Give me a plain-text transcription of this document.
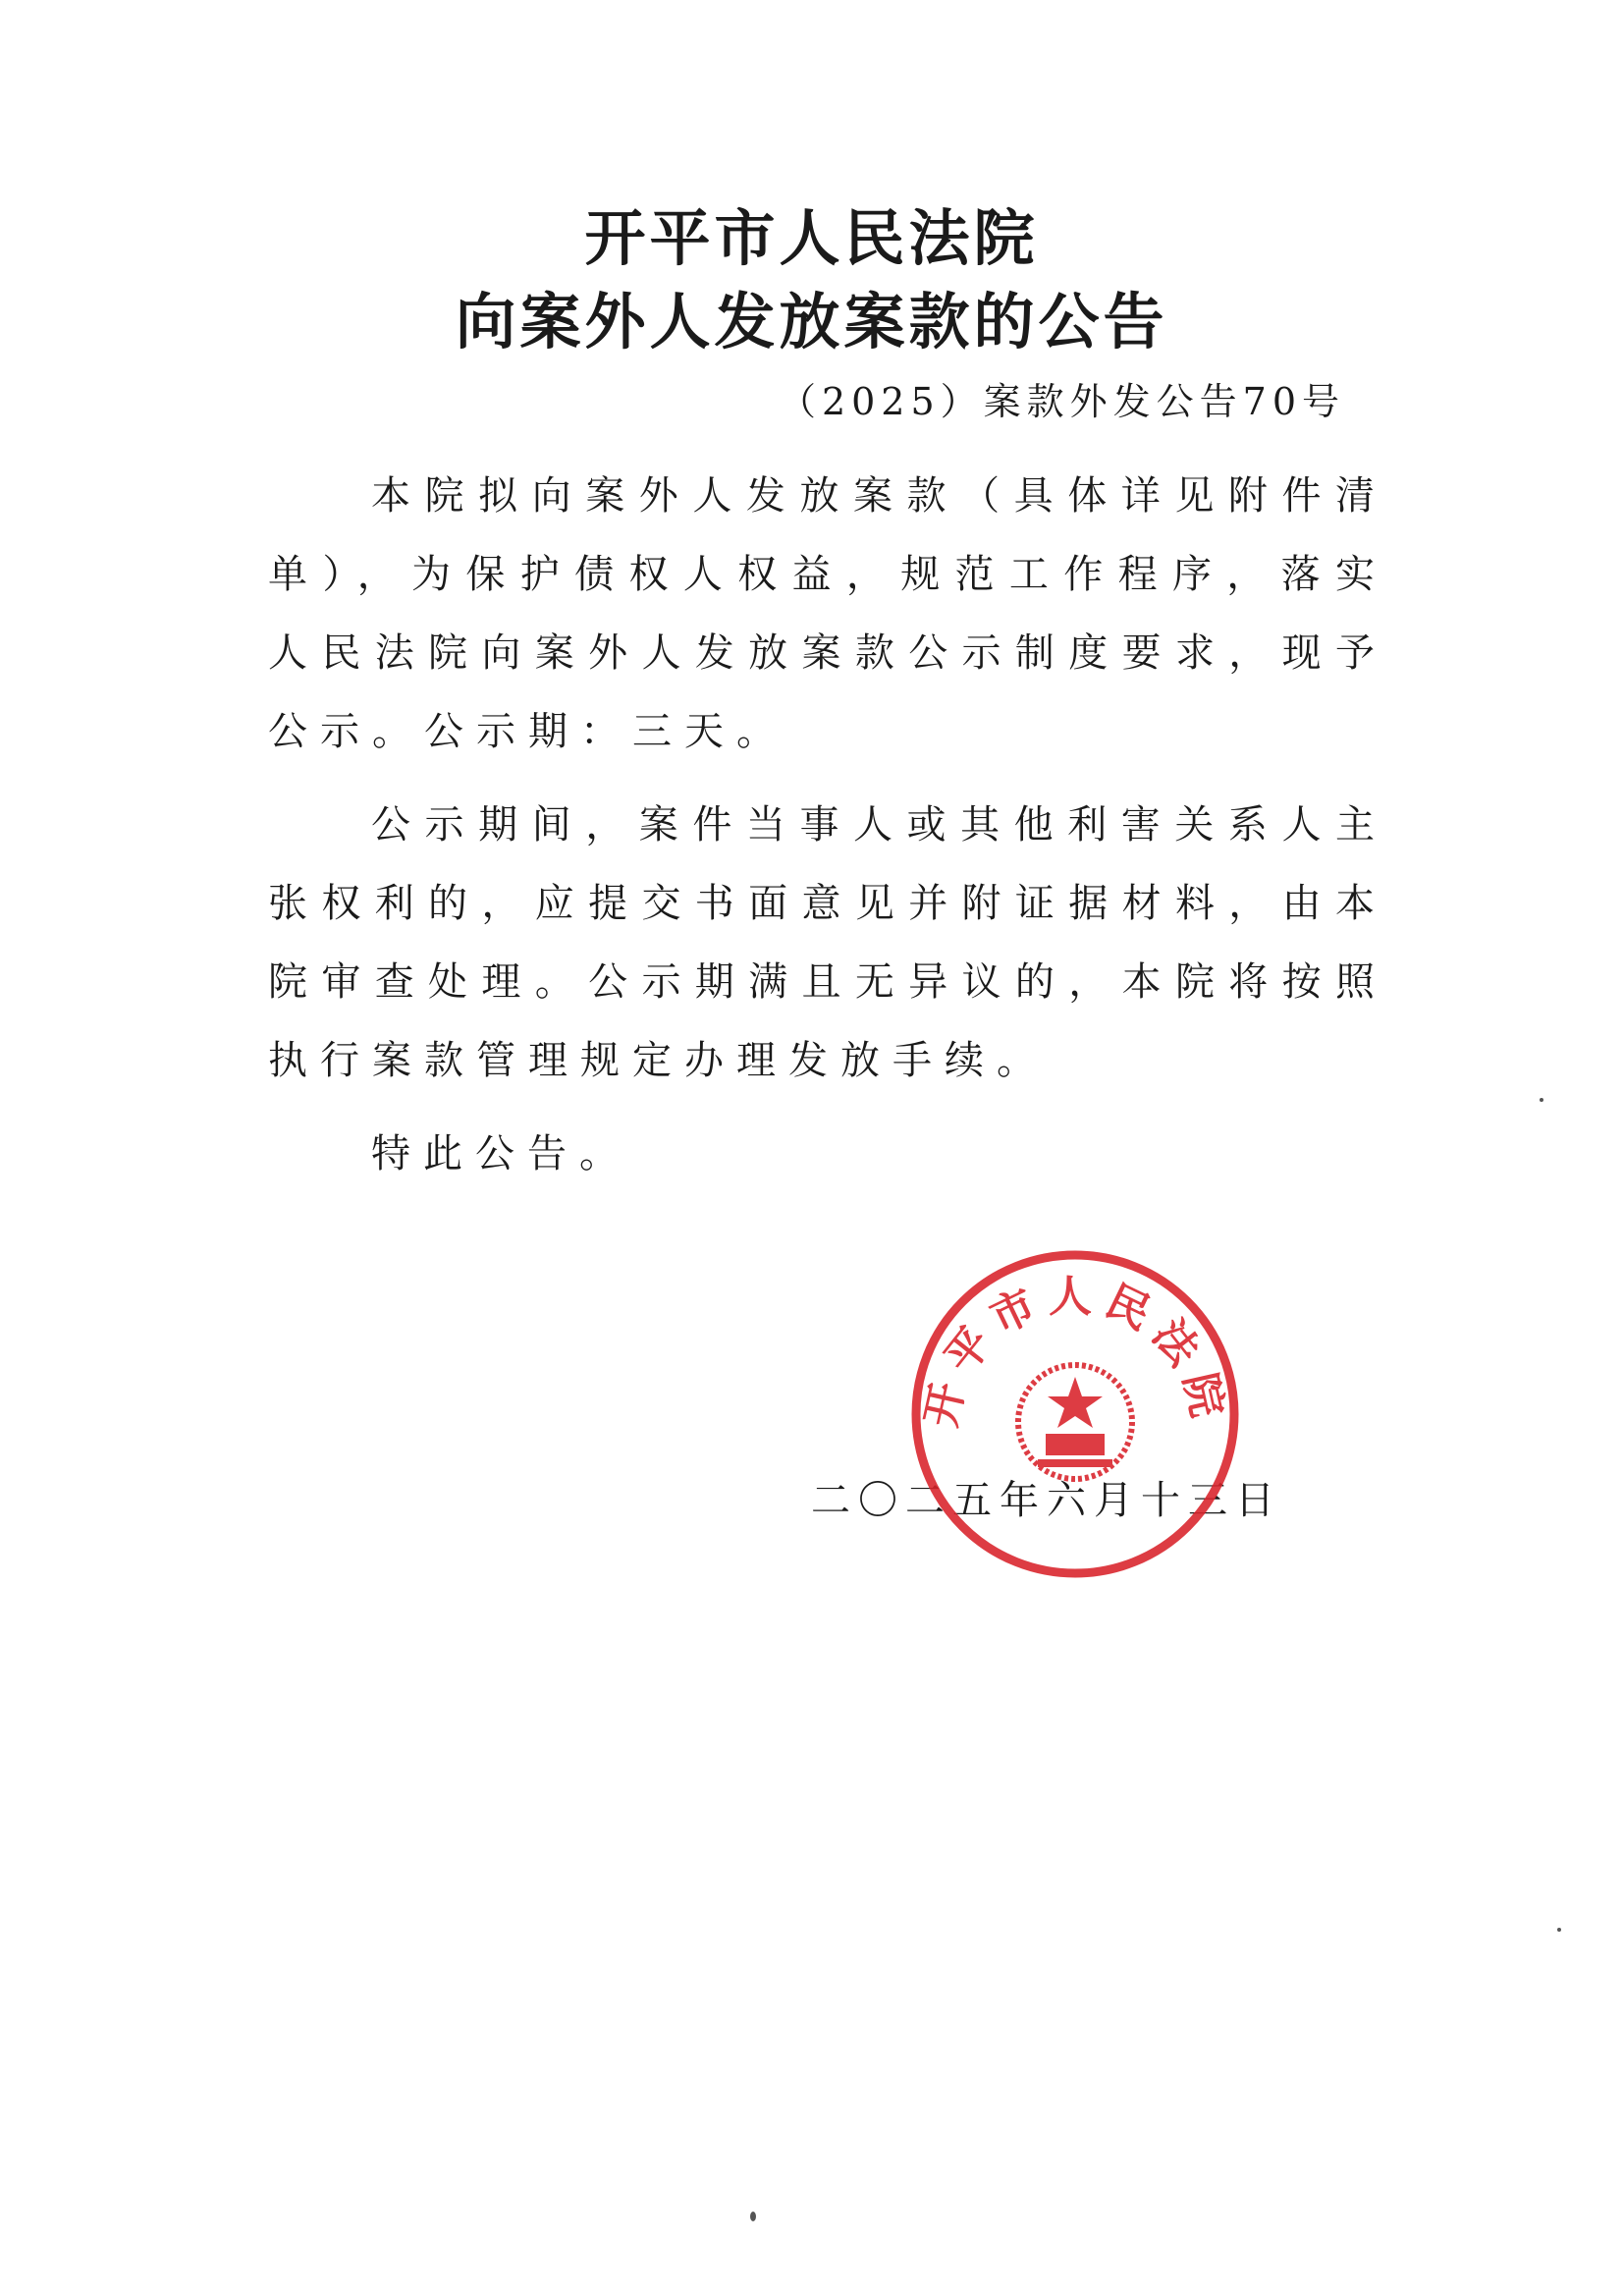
开平市人民法院
向案外人发放案款的公告
（2025）案款外发公告70号

本院拟向案外人发放案款（具体详见附件清单），为保护债权人权益，规范工作程序，落实人民法院向案外人发放案款公示制度要求，现予公示。公示期：三天。

公示期间，案件当事人或其他利害关系人主张权利的，应提交书面意见并附证据材料，由本院审查处理。公示期满且无异议的，本院将按照执行案款管理规定办理发放手续。

特此公告。

二〇二五年六月十三日
开平市人民法院
